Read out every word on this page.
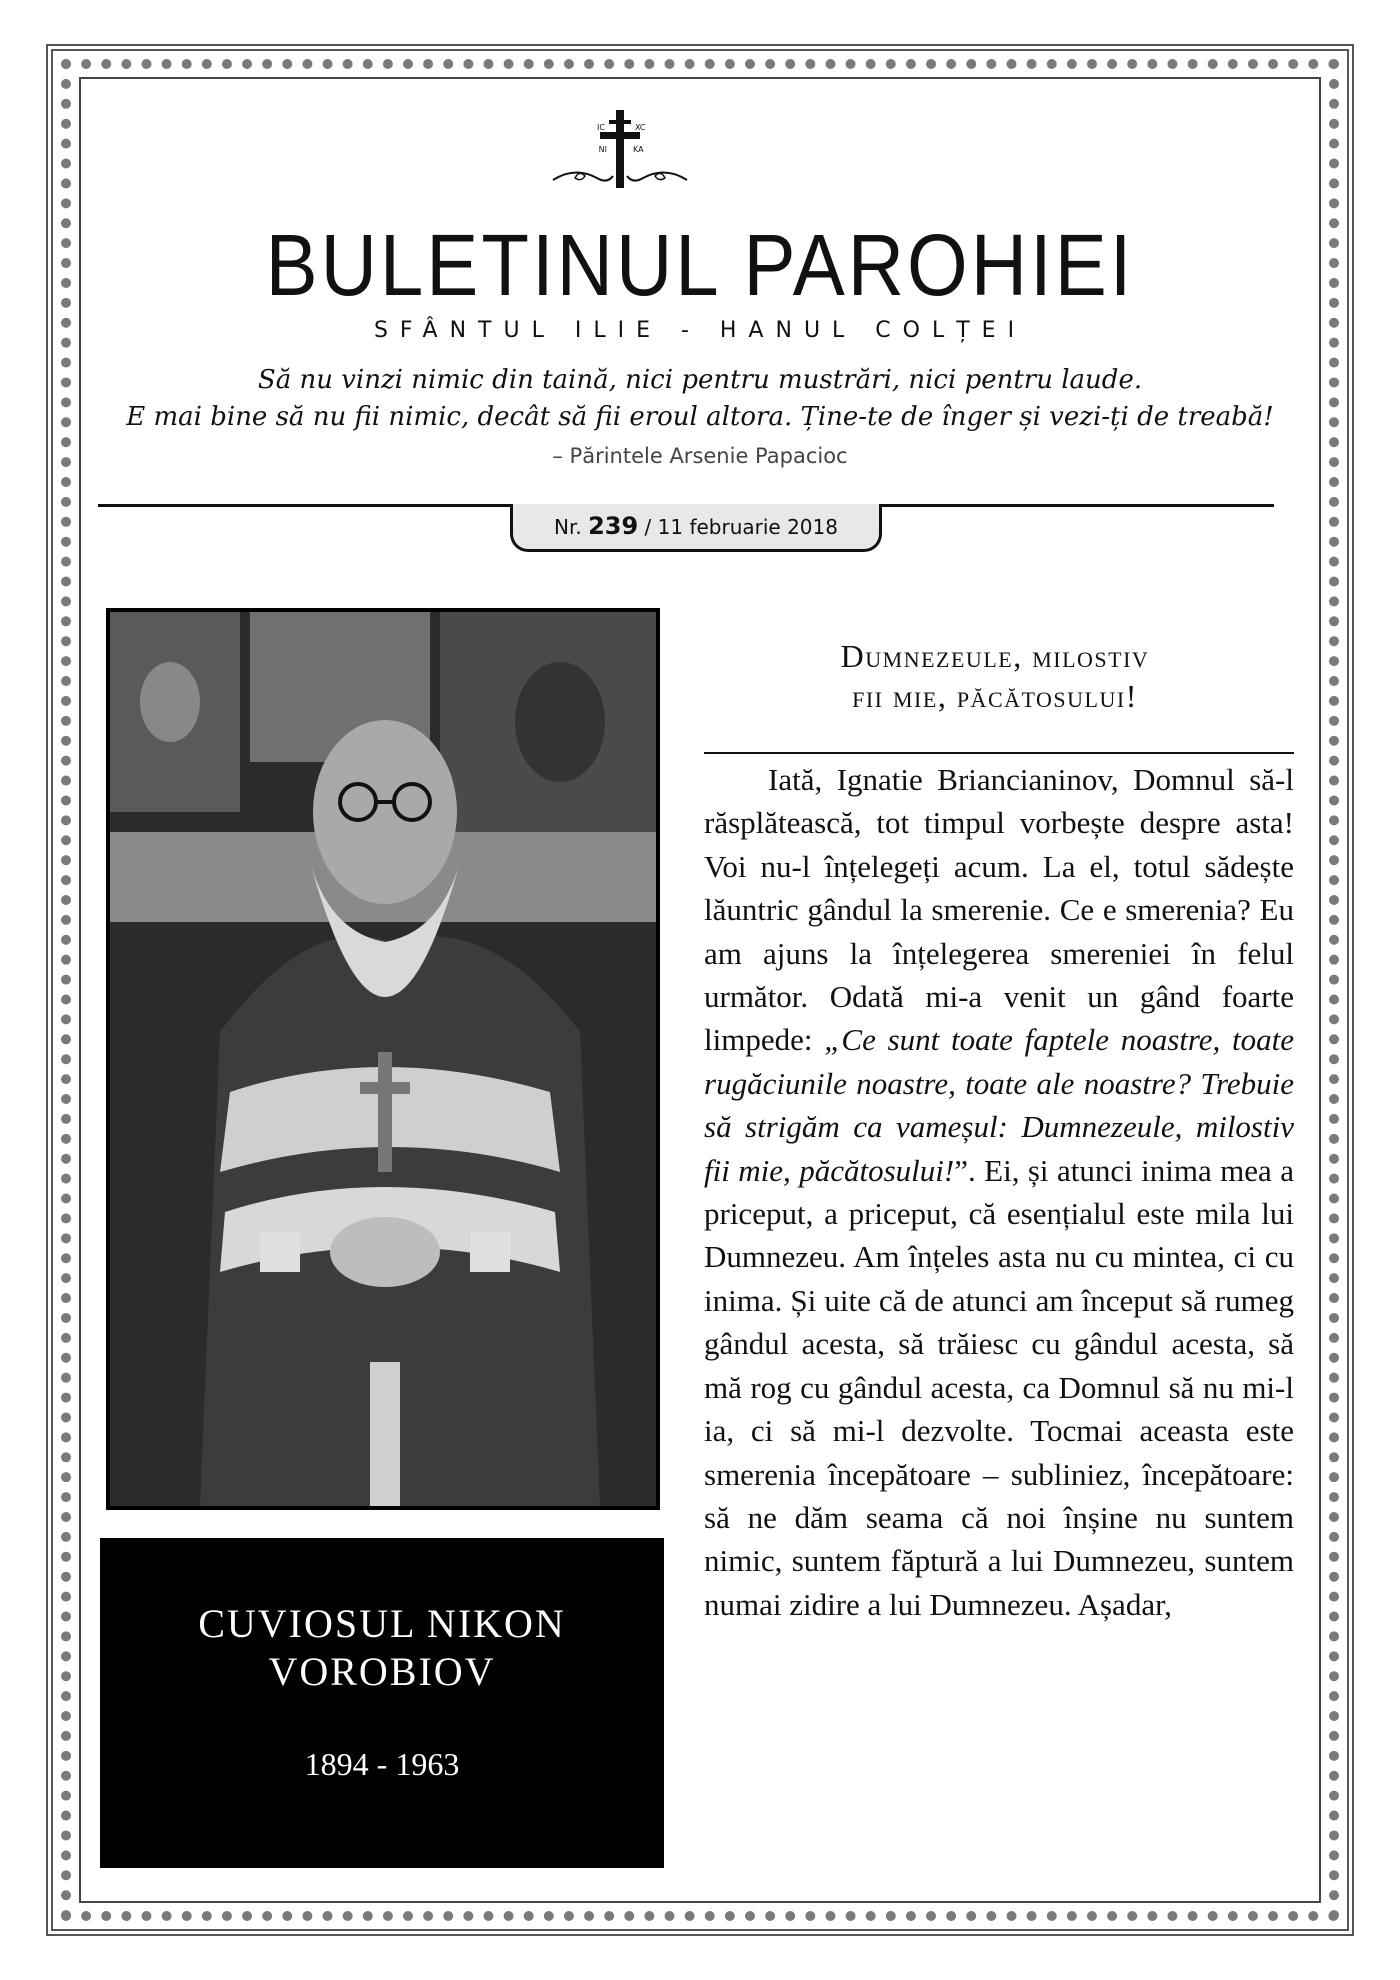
IC	XC
NI	KA
BULETINUL PAROHIEI
SFÂNTUL ILIE - HANUL COLȚEI
Să nu vinzi nimic din taină, nici pentru mustrări, nici pentru laude.
E mai bine să nu fii nimic, decât să fii eroul altora. Ține-te de înger și vezi-ți de treabă!
– Părintele Arsenie Papacioc
Nr. 239 / 11 februarie 2018
CUVIOSUL NIKON
VOROBIOV
1894 - 1963
Dumnezeule, milostiv
fii mie, păcătosului!
Iată, Ignatie Briancianinov, Domnul să-l răsplătească, tot timpul vorbește despre asta! Voi nu-l înțelegeți acum. La el, totul sădește lăuntric gândul la smerenie. Ce e smerenia? Eu am ajuns la înțelegerea smereniei în felul următor. Odată mi-a venit un gând foarte limpede: „Ce sunt toate faptele noastre, toate rugăciunile noastre, toate ale noastre? Trebuie să strigăm ca vameșul: Dumnezeule, milostiv fii mie, păcătosului!”. Ei, și atunci inima mea a priceput, a priceput, că esențialul este mila lui Dumnezeu. Am înțeles asta nu cu mintea, ci cu inima. Și uite că de atunci am început să rumeg gândul acesta, să trăiesc cu gândul acesta, să mă rog cu gândul acesta, ca Domnul să nu mi-l ia, ci să mi-l dezvolte. Tocmai aceasta este smerenia începătoare – subliniez, începătoare: să ne dăm seama că noi înșine nu suntem nimic, suntem făptură a lui Dumnezeu, suntem numai zidire a lui Dumnezeu. Așadar,
